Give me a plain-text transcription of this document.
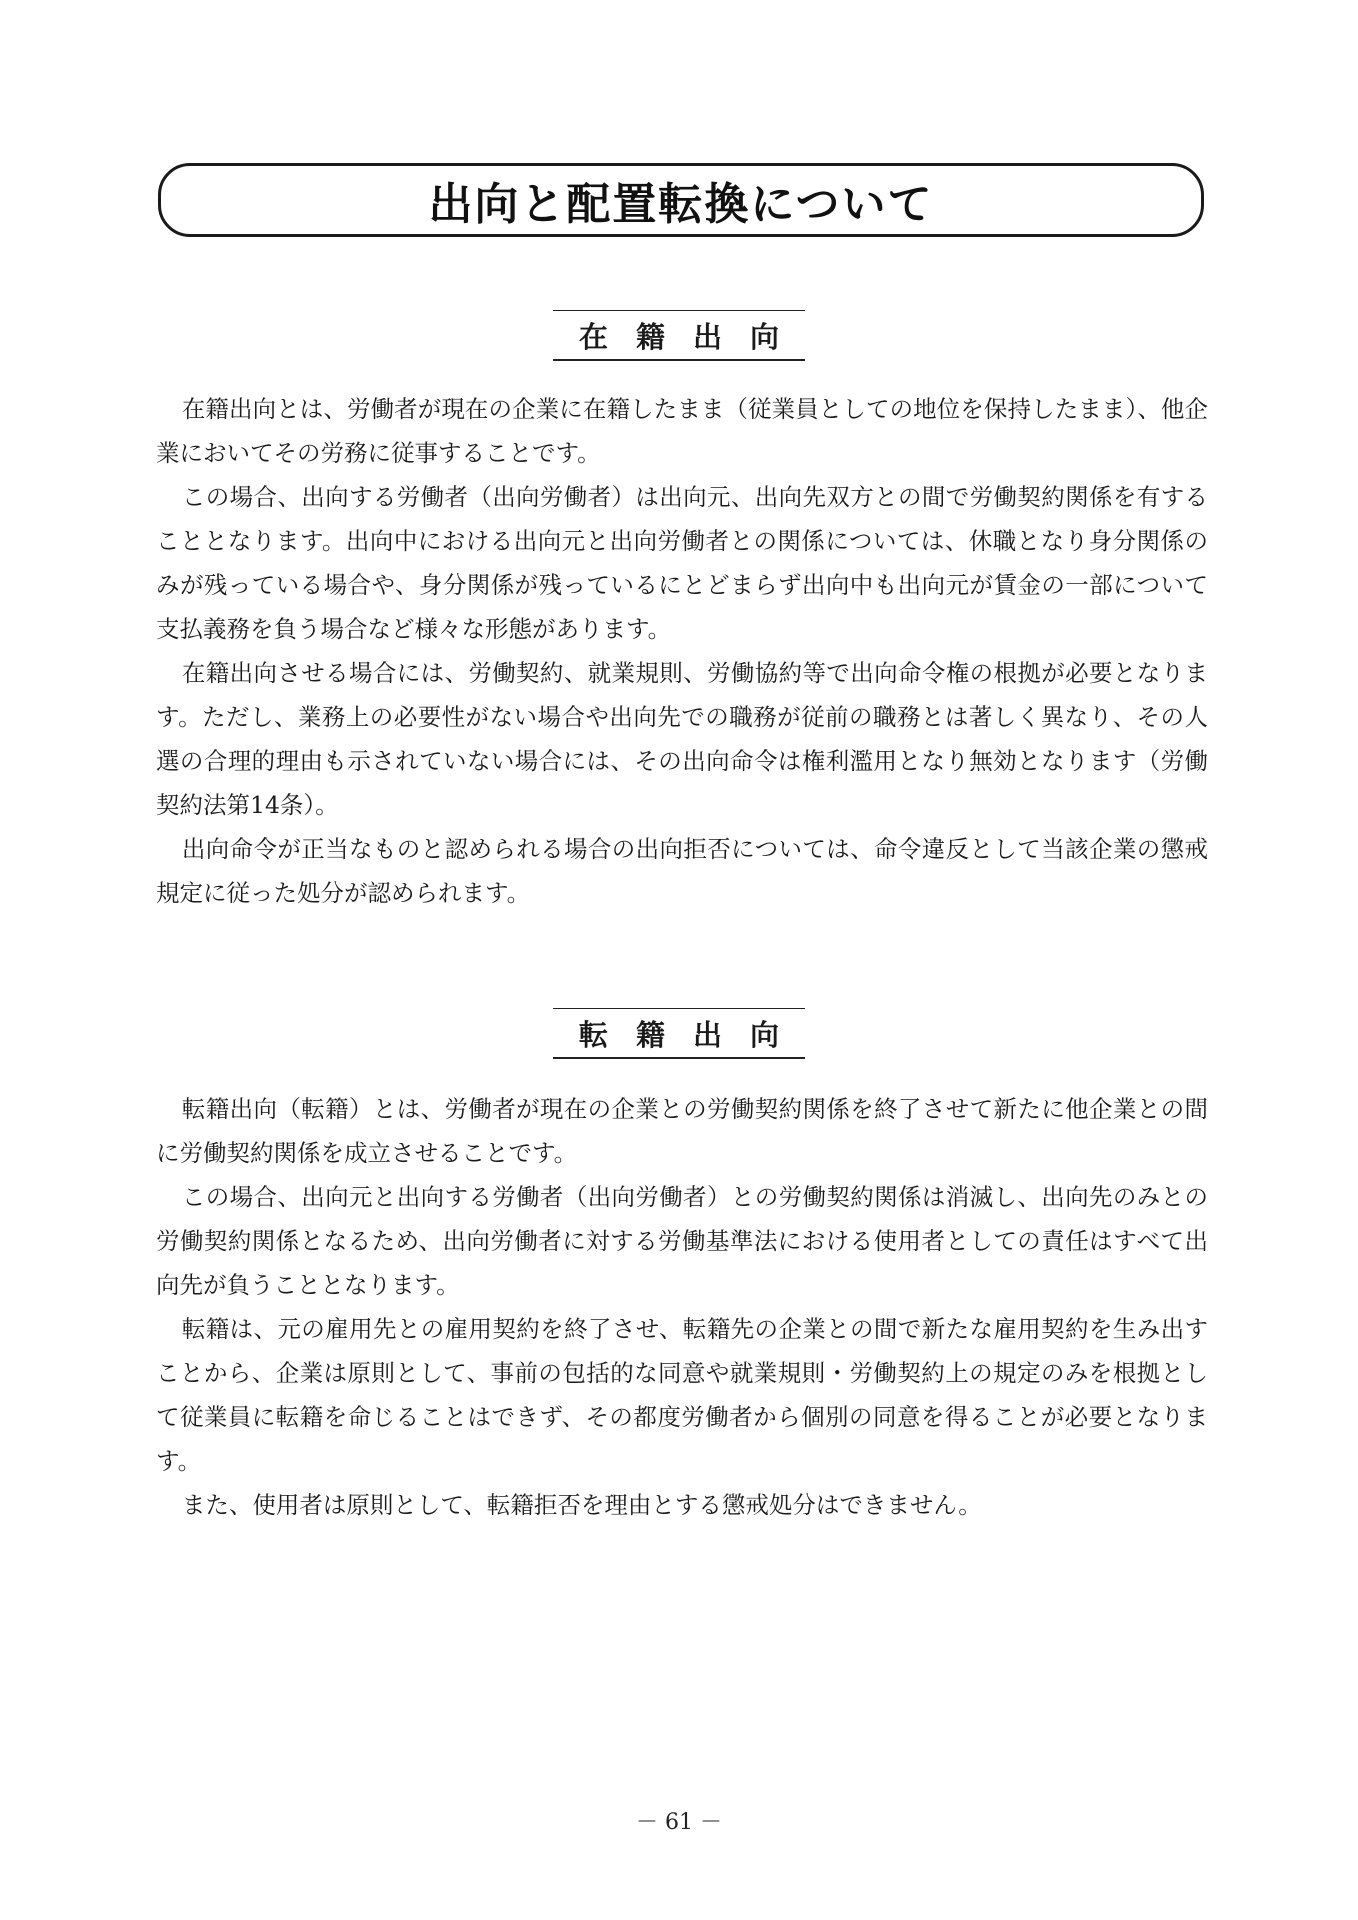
出向と配置転換について
在 籍 出 向

在籍出向とは、労働者が現在の企業に在籍したまま（従業員としての地位を保持したまま）、他企業においてその労務に従事することです。

この場合、出向する労働者（出向労働者）は出向元、出向先双方との間で労働契約関係を有することとなります。出向中における出向元と出向労働者との関係については、休職となり身分関係のみが残っている場合や、身分関係が残っているにとどまらず出向中も出向元が賃金の一部について支払義務を負う場合など様々な形態があります。

在籍出向させる場合には、労働契約、就業規則、労働協約等で出向命令権の根拠が必要となります。ただし、業務上の必要性がない場合や出向先での職務が従前の職務とは著しく異なり、その人選の合理的理由も示されていない場合には、その出向命令は権利濫用となり無効となります（労働契約法第14条）。

出向命令が正当なものと認められる場合の出向拒否については、命令違反として当該企業の懲戒規定に従った処分が認められます。

転 籍 出 向

転籍出向（転籍）とは、労働者が現在の企業との労働契約関係を終了させて新たに他企業との間に労働契約関係を成立させることです。

この場合、出向元と出向する労働者（出向労働者）との労働契約関係は消滅し、出向先のみとの労働契約関係となるため、出向労働者に対する労働基準法における使用者としての責任はすべて出向先が負うこととなります。

転籍は、元の雇用先との雇用契約を終了させ、転籍先の企業との間で新たな雇用契約を生み出すことから、企業は原則として、事前の包括的な同意や就業規則・労働契約上の規定のみを根拠として従業員に転籍を命じることはできず、その都度労働者から個別の同意を得ることが必要となります。

また、使用者は原則として、転籍拒否を理由とする懲戒処分はできません。

－ 61 －
